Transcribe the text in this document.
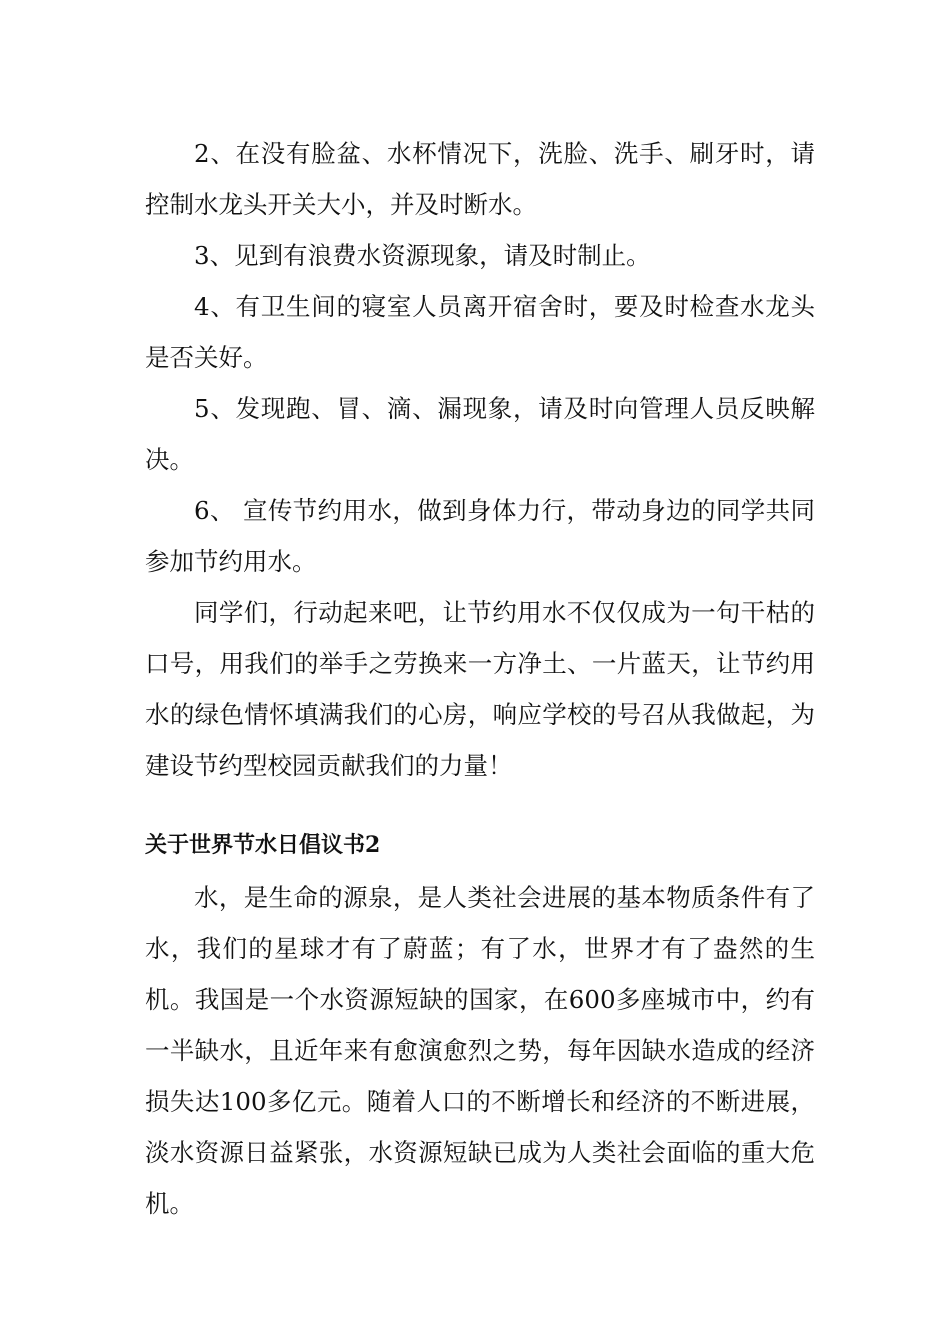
2、在没有脸盆、水杯情况下，洗脸、洗手、刷牙时，请控制水龙头开关大小，并及时断水。

3、见到有浪费水资源现象，请及时制止。

4、有卫生间的寝室人员离开宿舍时，要及时检查水龙头是否关好。

5、发现跑、冒、滴、漏现象，请及时向管理人员反映解决。

6、 宣传节约用水，做到身体力行，带动身边的同学共同参加节约用水。

同学们，行动起来吧，让节约用水不仅仅成为一句干枯的口号，用我们的举手之劳换来一方净土、一片蓝天，让节约用水的绿色情怀填满我们的心房，响应学校的号召从我做起，为建设节约型校园贡献我们的力量！

关于世界节水日倡议书2

水，是生命的源泉，是人类社会进展的基本物质条件有了水，我们的星球才有了蔚蓝；有了水，世界才有了盎然的生机。我国是一个水资源短缺的国家，在600多座城市中，约有一半缺水，且近年来有愈演愈烈之势，每年因缺水造成的经济损失达100多亿元。随着人口的不断增长和经济的不断进展，淡水资源日益紧张，水资源短缺已成为人类社会面临的重大危机。
